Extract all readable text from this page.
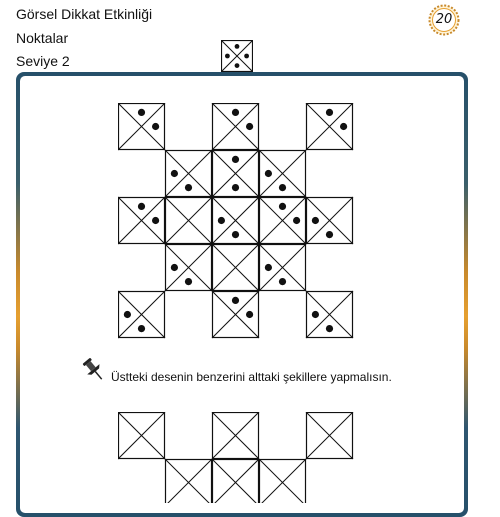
Görsel Dikkat Etkinliği
Noktalar
Seviye 2
20
Üstteki desenin benzerini alttaki şekillere yapmalısın.
